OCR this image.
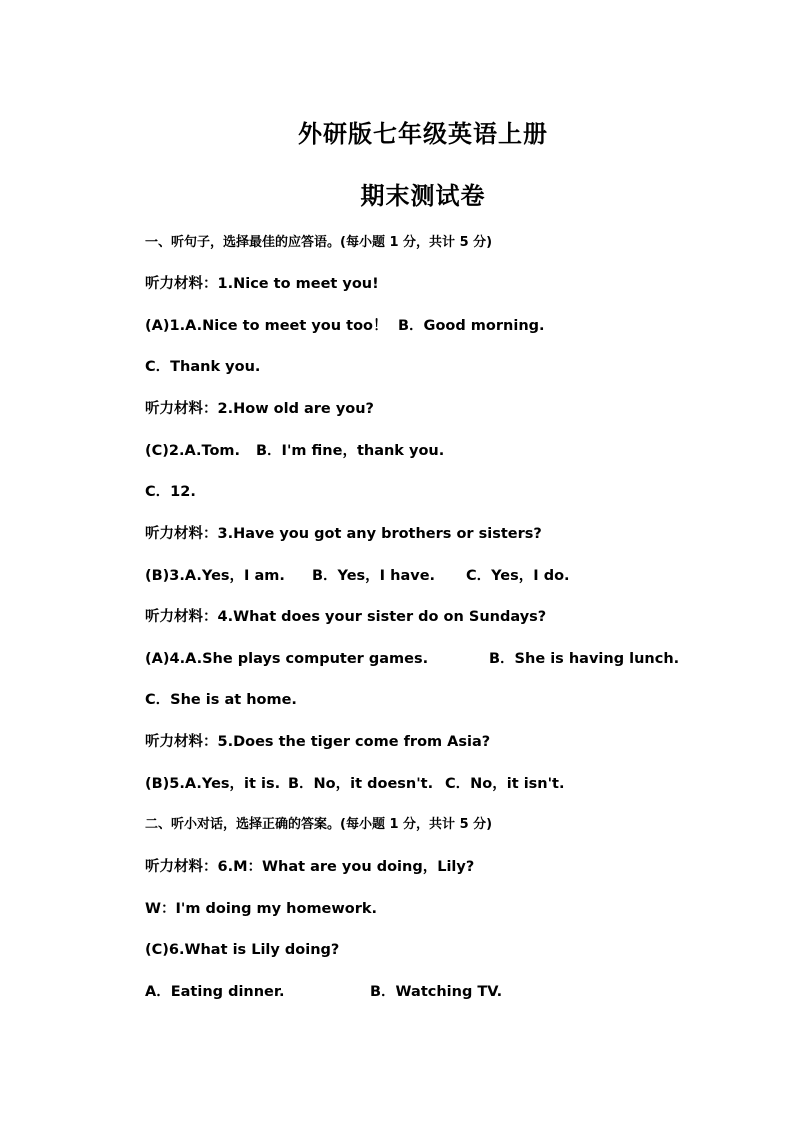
外研版七年级英语上册
期末测试卷
一、听句子，选择最佳的应答语。(每小题 1 分，共计 5 分)
听力材料：1.Nice to meet you!
(A)1.A.Nice to meet you too！ B．Good morning.
C．Thank you.
听力材料：2.How old are you?
(C)2.A.Tom. B．I'm fine，thank you.
C．12.
听力材料：3.Have you got any brothers or sisters?
(B)3.A.Yes，I am. B．Yes，I have. C．Yes，I do.
听力材料：4.What does your sister do on Sundays?
(A)4.A.She plays computer games.	B．She is having lunch.
C．She is at home.
听力材料：5.Does the tiger come from Asia?
(B)5.A.Yes，it is. B．No，it doesn't. C．No，it isn't.
二、听小对话，选择正确的答案。(每小题 1 分，共计 5 分)
听力材料：6.M：What are you doing，Lily?
W：I'm doing my homework.
(C)6.What is Lily doing?
A．Eating dinner.	B．Watching TV.
